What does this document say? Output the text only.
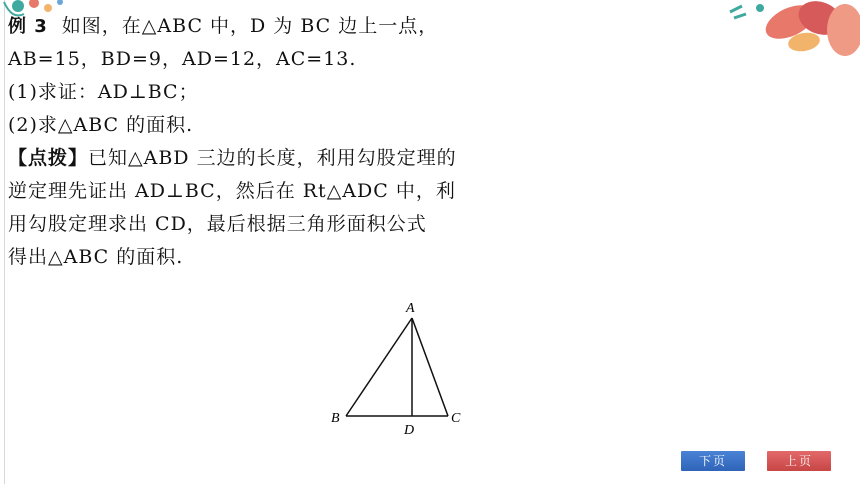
例 3 如图，在△ABC 中，D 为 BC 边上一点，
AB=15，BD=9，AD=12，AC=13.
(1)求证：AD⊥BC；
(2)求△ABC 的面积.
【点拨】已知△ABD 三边的长度，利用勾股定理的
逆定理先证出 AD⊥BC，然后在 Rt△ADC 中，利
用勾股定理求出 CD，最后根据三角形面积公式
得出△ABC 的面积.
A
B	C
D
下页	上页
